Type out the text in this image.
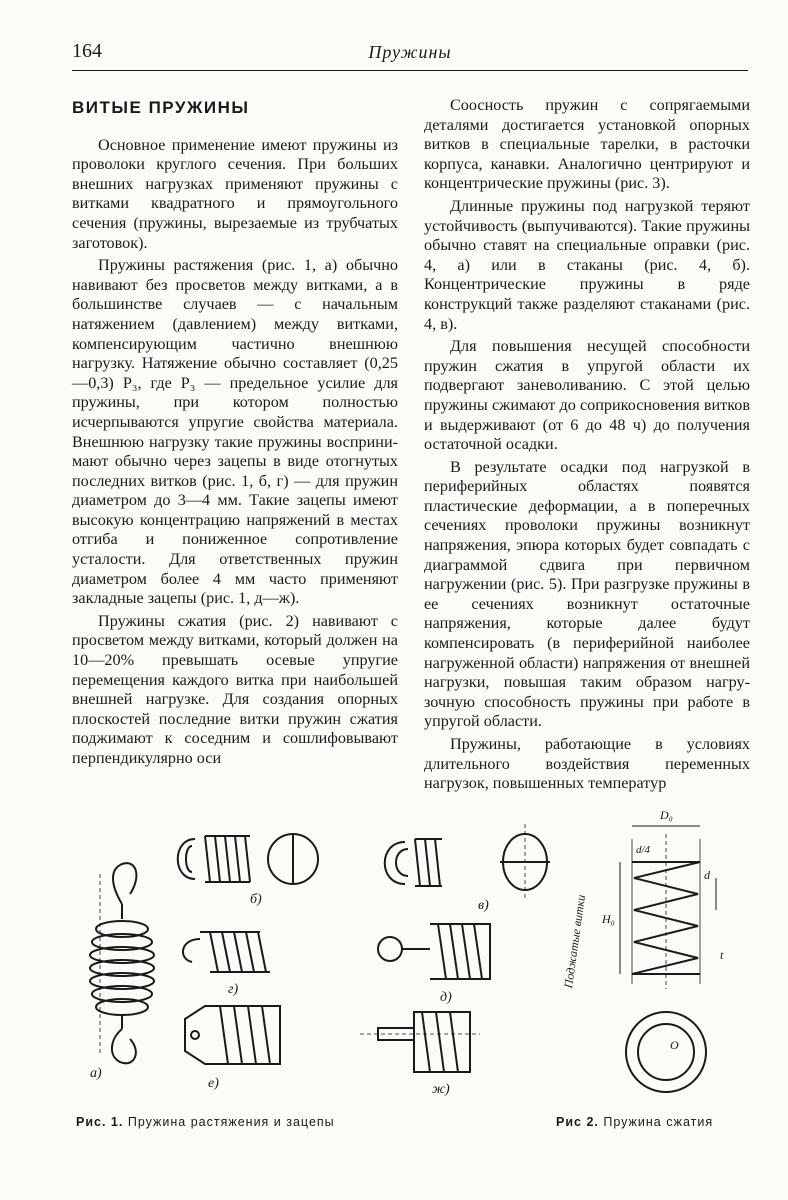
164	Пружины
ВИТЫЕ ПРУЖИНЫ

Основное применение имеют пружины из проволоки круглого сечения. При больших внешних нагрузках применяют пружины с витками квадратного и прямоугольного сечения (пружины, вырезаемые из трубчатых заготовок).

Пружины растяжения (рис. 1, а) обычно навивают без просветов между витками, а в большинстве случаев — с начальным натяжением (давлением) между витками, компенсирующим частично внешнюю нагрузку. Натяжение обычно составляет (0,25—0,3) P₃, где P₃ — предельное усилие для пружины, при котором полностью исчерпываются упругие свойства материала. Внешнюю нагрузку такие пружины воспринимают обычно через зацепы в виде отогнутых последних витков (рис. 1, б, г) — для пружин диаметром до 3—4 мм. Такие зацепы имеют высокую концентрацию напряжений в местах отгиба и пониженное сопротивление усталости. Для ответственных пружин диаметром более 4 мм часто применяют закладные зацепы (рис. 1, д—ж).

Пружины сжатия (рис. 2) навивают с просветом между витками, который должен на 10—20% превышать осевые упругие перемещения каждого витка при наибольшей внешней нагрузке. Для создания опорных плоскостей последние витки пружин сжатия поджимают к соседним и сошлифовывают перпендикулярно оси

Соосность пружин с сопрягаемыми деталями достигается установкой опорных витков в специальные тарелки, в расточки корпуса, канавки. Аналогично центрируют и концентрические пружины (рис. 3).

Длинные пружины под нагрузкой теряют устойчивость (выпучиваются). Такие пружины обычно ставят на специальные оправки (рис. 4, а) или в стаканы (рис. 4, б). Концентрические пружины в ряде конструкций также разделяют стаканами (рис. 4, в).

Для повышения несущей способности пружин сжатия в упругой области их подвергают заневоливанию. С этой целью пружины сжимают до соприкосновения витков и выдерживают (от 6 до 48 ч) до получения остаточной осадки.

В результате осадки под нагрузкой в периферийных областях появятся пластические деформации, а в поперечных сечениях проволоки пружины возникнут напряжения, эпюра которых будет совпадать с диаграммой сдвига при первичном нагружении (рис. 5). При разгрузке пружины в ее сечениях возникнут остаточные напряжения, которые далее будут компенсировать (в периферийной наиболее нагруженной области) напряжения от внешней нагрузки, повышая таким образом нагрузочную способность пружины при работе в упругой области.

Пружины, работающие в условиях длительного воздействия переменных нагрузок, повышенных температур

а)
б)	в)
г)
д)
е)	ж)
D₀
d/4
d
H₀
t
Поджатые витки
O
Рис. 1. Пружина растяжения и зацепы	Рис 2. Пружина сжатия
